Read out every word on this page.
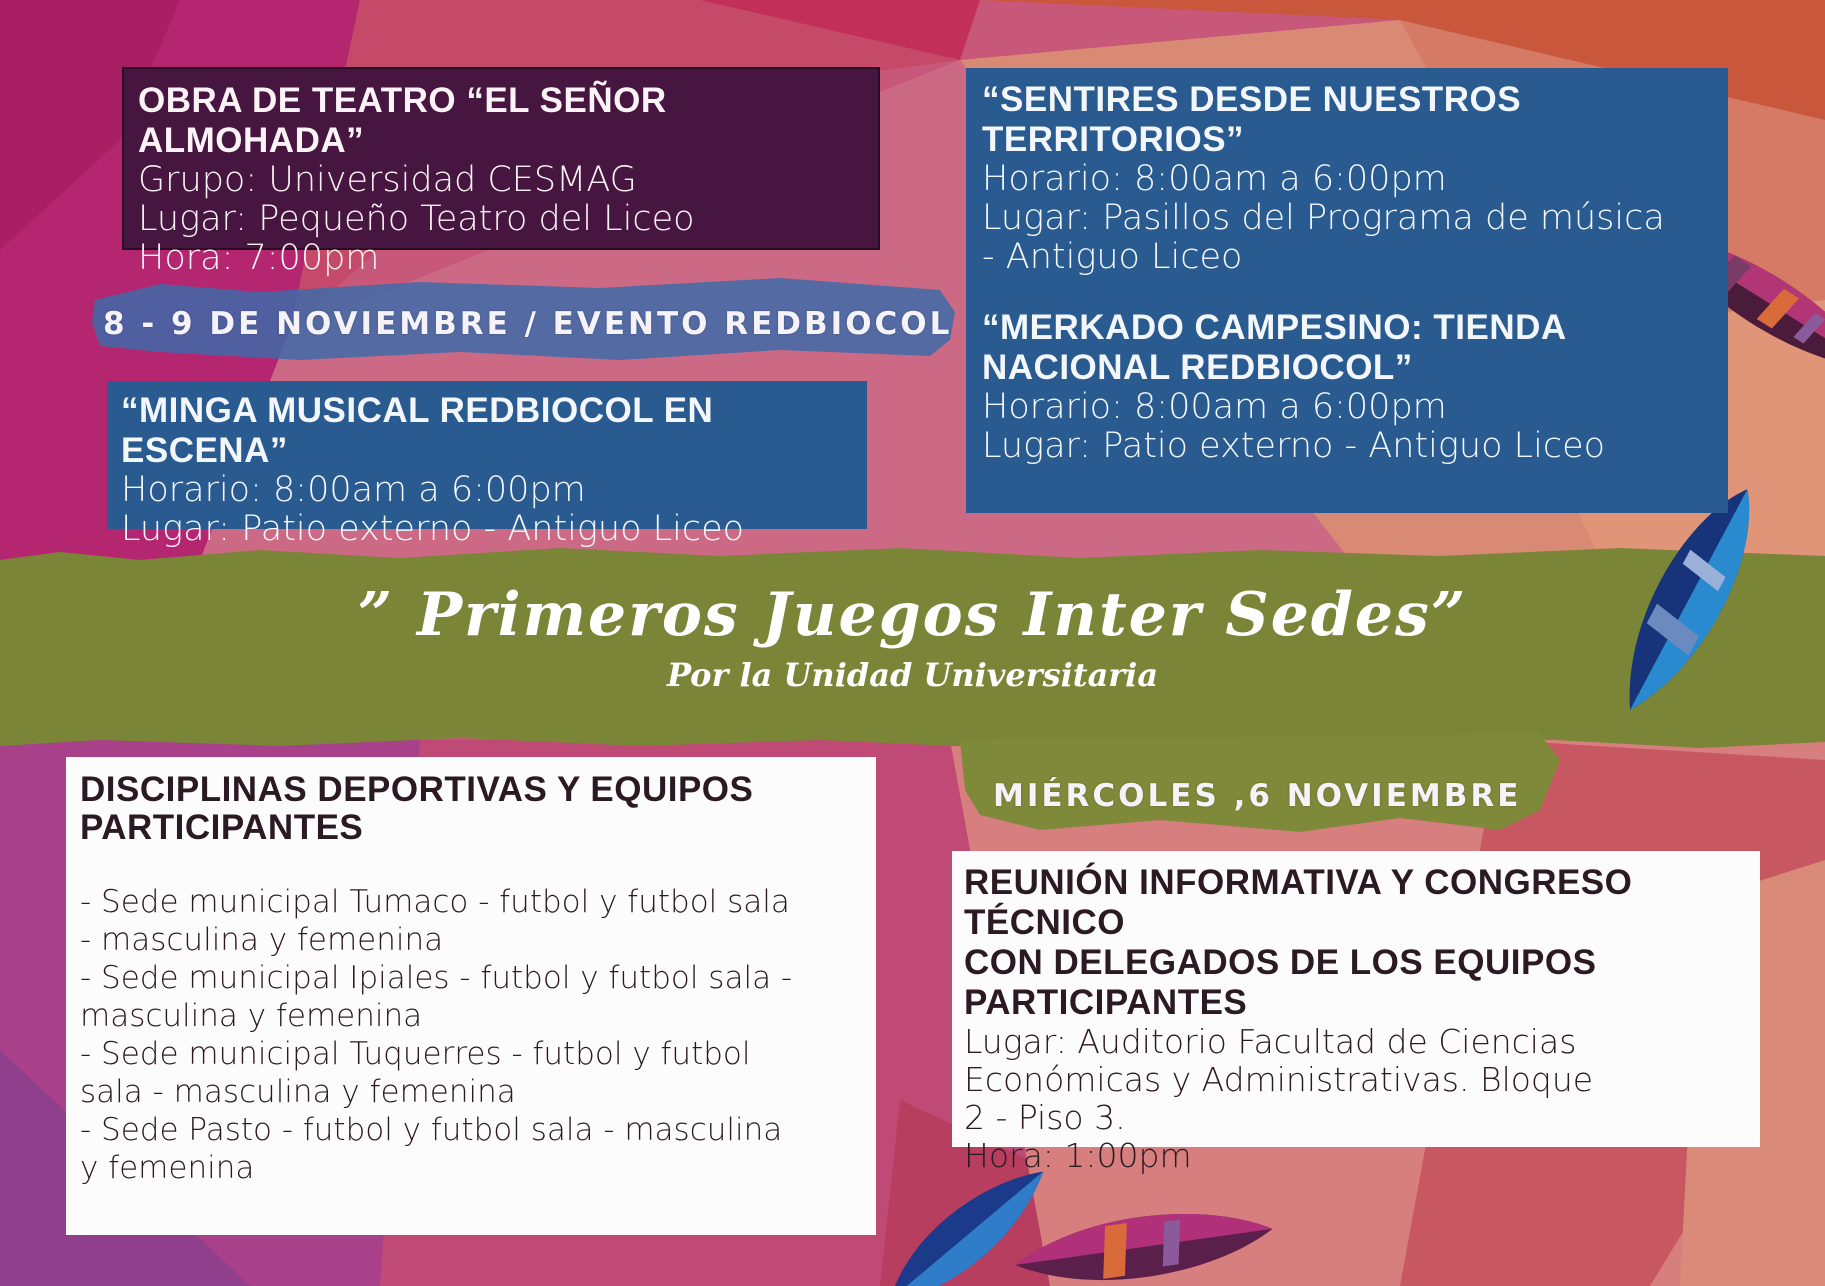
OBRA DE TEATRO “EL SEÑOR ALMOHADA”
Grupo: Universidad CESMAG
Lugar: Pequeño Teatro del Liceo
Hora: 7:00pm
8 - 9 DE NOVIEMBRE / EVENTO REDBIOCOL
“MINGA MUSICAL REDBIOCOL EN ESCENA”
Horario: 8:00am a 6:00pm
Lugar: Patio externo - Antiguo Liceo
“SENTIRES DESDE NUESTROS TERRITORIOS”
Horario: 8:00am a 6:00pm
Lugar: Pasillos del Programa de música
- Antiguo Liceo
“MERKADO CAMPESINO: TIENDA
NACIONAL REDBIOCOL”
Horario: 8:00am a 6:00pm
Lugar: Patio externo - Antiguo Liceo
” Primeros Juegos Inter Sedes”
Por la Unidad Universitaria
DISCIPLINAS DEPORTIVAS Y EQUIPOS
PARTICIPANTES
- Sede municipal Tumaco - futbol y futbol sala
- masculina y femenina
- Sede municipal Ipiales - futbol y futbol sala -
masculina y femenina
- Sede municipal Tuquerres - futbol y futbol
sala - masculina y femenina
- Sede Pasto - futbol y futbol sala - masculina
y femenina
MIÉRCOLES ,6 NOVIEMBRE
REUNIÓN INFORMATIVA Y CONGRESO TÉCNICO
CON DELEGADOS DE LOS EQUIPOS
PARTICIPANTES
Lugar: Auditorio Facultad de Ciencias
Económicas y Administrativas. Bloque
2 - Piso 3.
Hora: 1:00pm
